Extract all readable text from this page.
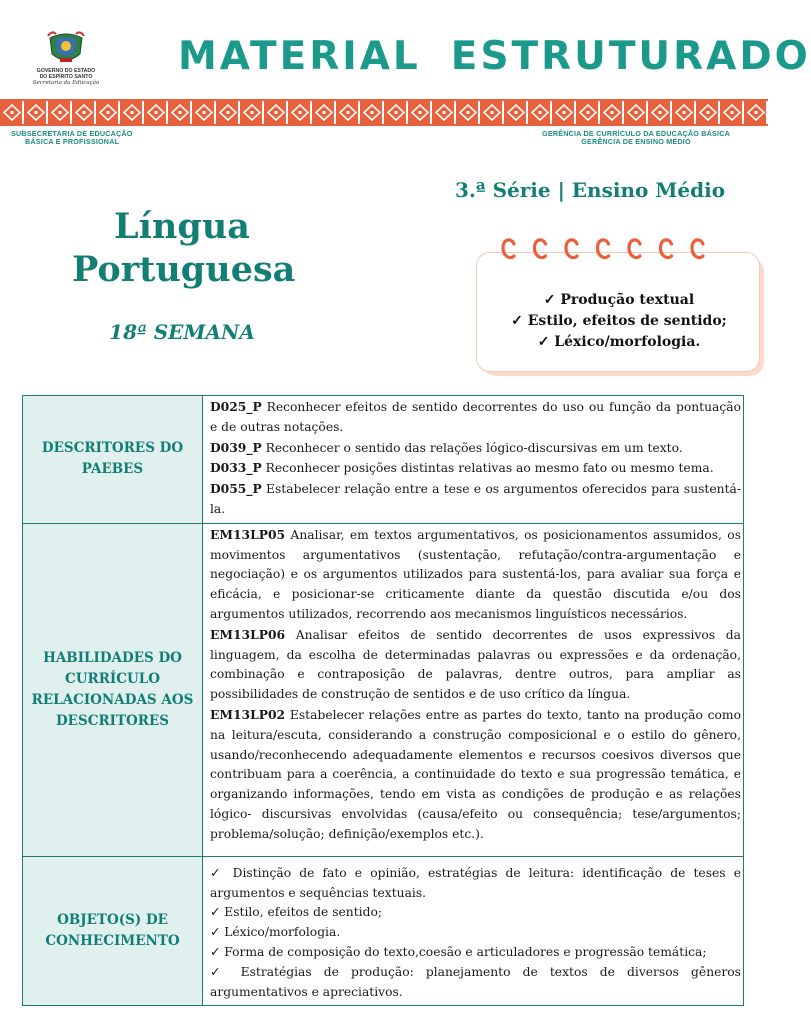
GOVERNO DO ESTADO
DO ESPÍRITO SANTO
Secretaria da Educação
MATERIAL ESTRUTURADO
SUBSECRETARIA DE EDUCAÇÃO
BÁSICA E PROFISSIONAL
GERÊNCIA DE CURRÍCULO DA EDUCAÇÃO BÁSICA
GERÊNCIA DE ENSINO MÉDIO
Língua
Portuguesa
18ª SEMANA
3.ª Série | Ensino Médio
✓ Produção textual
✓ Estilo, efeitos de sentido;
✓ Léxico/morfologia.
DESCRITORES DO PAEBES	D025_P Reconhecer efeitos de sentido decorrentes do uso ou função da pontuação e de outras notações.
D039_P Reconhecer o sentido das relações lógico-discursivas em um texto.
D033_P Reconhecer posições distintas relativas ao mesmo fato ou mesmo tema.
D055_P Estabelecer relação entre a tese e os argumentos oferecidos para sustentá-la.

HABILIDADES DO CURRÍCULO RELACIONADAS AOS DESCRITORES	EM13LP05 Analisar, em textos argumentativos, os posicionamentos assumidos, os movimentos argumentativos (sustentação, refutação/contra-argumentação e negociação) e os argumentos utilizados para sustentá-los, para avaliar sua força e eficácia, e posicionar-se criticamente diante da questão discutida e/ou dos argumentos utilizados, recorrendo aos mecanismos linguísticos necessários.
EM13LP06 Analisar efeitos de sentido decorrentes de usos expressivos da linguagem, da escolha de determinadas palavras ou expressões e da ordenação, combinação e contraposição de palavras, dentre outros, para ampliar as possibilidades de construção de sentidos e de uso crítico da língua.
EM13LP02 Estabelecer relações entre as partes do texto, tanto na produção como na leitura/escuta, considerando a construção composicional e o estilo do gênero, usando/reconhecendo adequadamente elementos e recursos coesivos diversos que contribuam para a coerência, a continuidade do texto e sua progressão temática, e organizando informações, tendo em vista as condições de produção e as relações lógico- discursivas envolvidas (causa/efeito ou consequência; tese/argumentos; problema/solução; definição/exemplos etc.).

OBJETO(S) DE CONHECIMENTO	✓ Distinção de fato e opinião, estratégias de leitura: identificação de teses e argumentos e sequências textuais.
✓ Estilo, efeitos de sentido;
✓ Léxico/morfologia.
✓ Forma de composição do texto,coesão e articuladores e progressão temática;
✓ Estratégias de produção: planejamento de textos de diversos gêneros argumentativos e apreciativos.
